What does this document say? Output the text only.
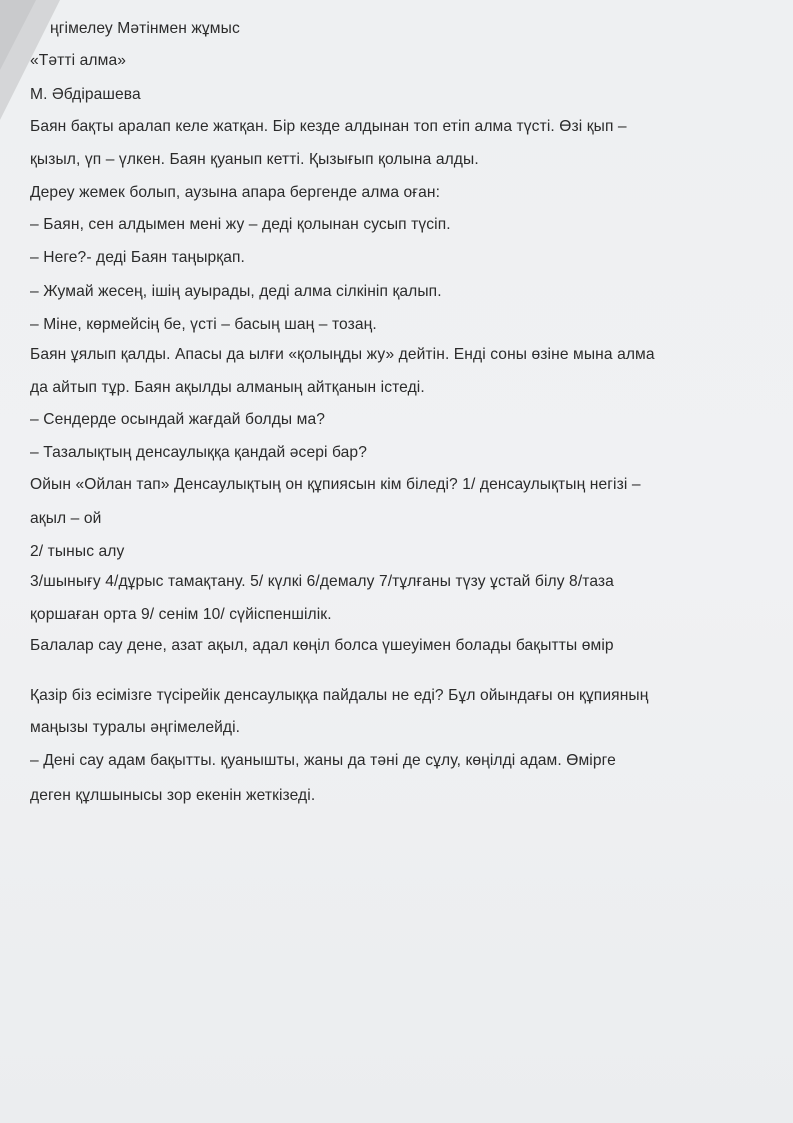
ңгімелеу Мәтінмен жұмыс

«Тәтті алма»

М. Әбдірашева

Баян бақты аралап келе жатқан. Бір кезде алдынан топ етіп алма түсті. Өзі қып –

қызыл, үп – үлкен. Баян қуанып кетті. Қызығып қолына алды.

Дереу жемек болып, аузына апара бергенде алма оған:

– Баян, сен алдымен мені жу – деді қолынан сусып түсіп.

– Неге?- деді Баян таңырқап.

– Жумай жесең, ішің ауырады, деді алма сілкініп қалып.

– Міне, көрмейсің бе, үсті – басың шаң – тозаң.

Баян ұялып қалды. Апасы да ылғи «қолыңды жу» дейтін. Енді соны өзіне мына алма

да айтып тұр. Баян ақылды алманың айтқанын істеді.

– Сендерде осындай жағдай болды ма?

– Тазалықтың денсаулыққа қандай әсері бар?

Ойын «Ойлан тап» Денсаулықтың он құпиясын кім біледі? 1/ денсаулықтың негізі –

ақыл – ой

2/ тыныс алу

3/шынығу 4/дұрыс тамақтану. 5/ күлкі 6/демалу 7/тұлғаны түзу ұстай білу 8/таза

қоршаған орта 9/ сенім 10/ сүйіспеншілік.

Балалар сау дене, азат ақыл, адал көңіл болса үшеуімен болады бақытты өмір

Қазір біз есімізге түсірейік денсаулыққа пайдалы не еді? Бұл ойындағы он құпияның

маңызы туралы әңгімелейді.

– Дені сау адам бақытты. қуанышты, жаны да тәні де сұлу, көңілді адам. Өмірге

деген құлшынысы зор екенін жеткізеді.
